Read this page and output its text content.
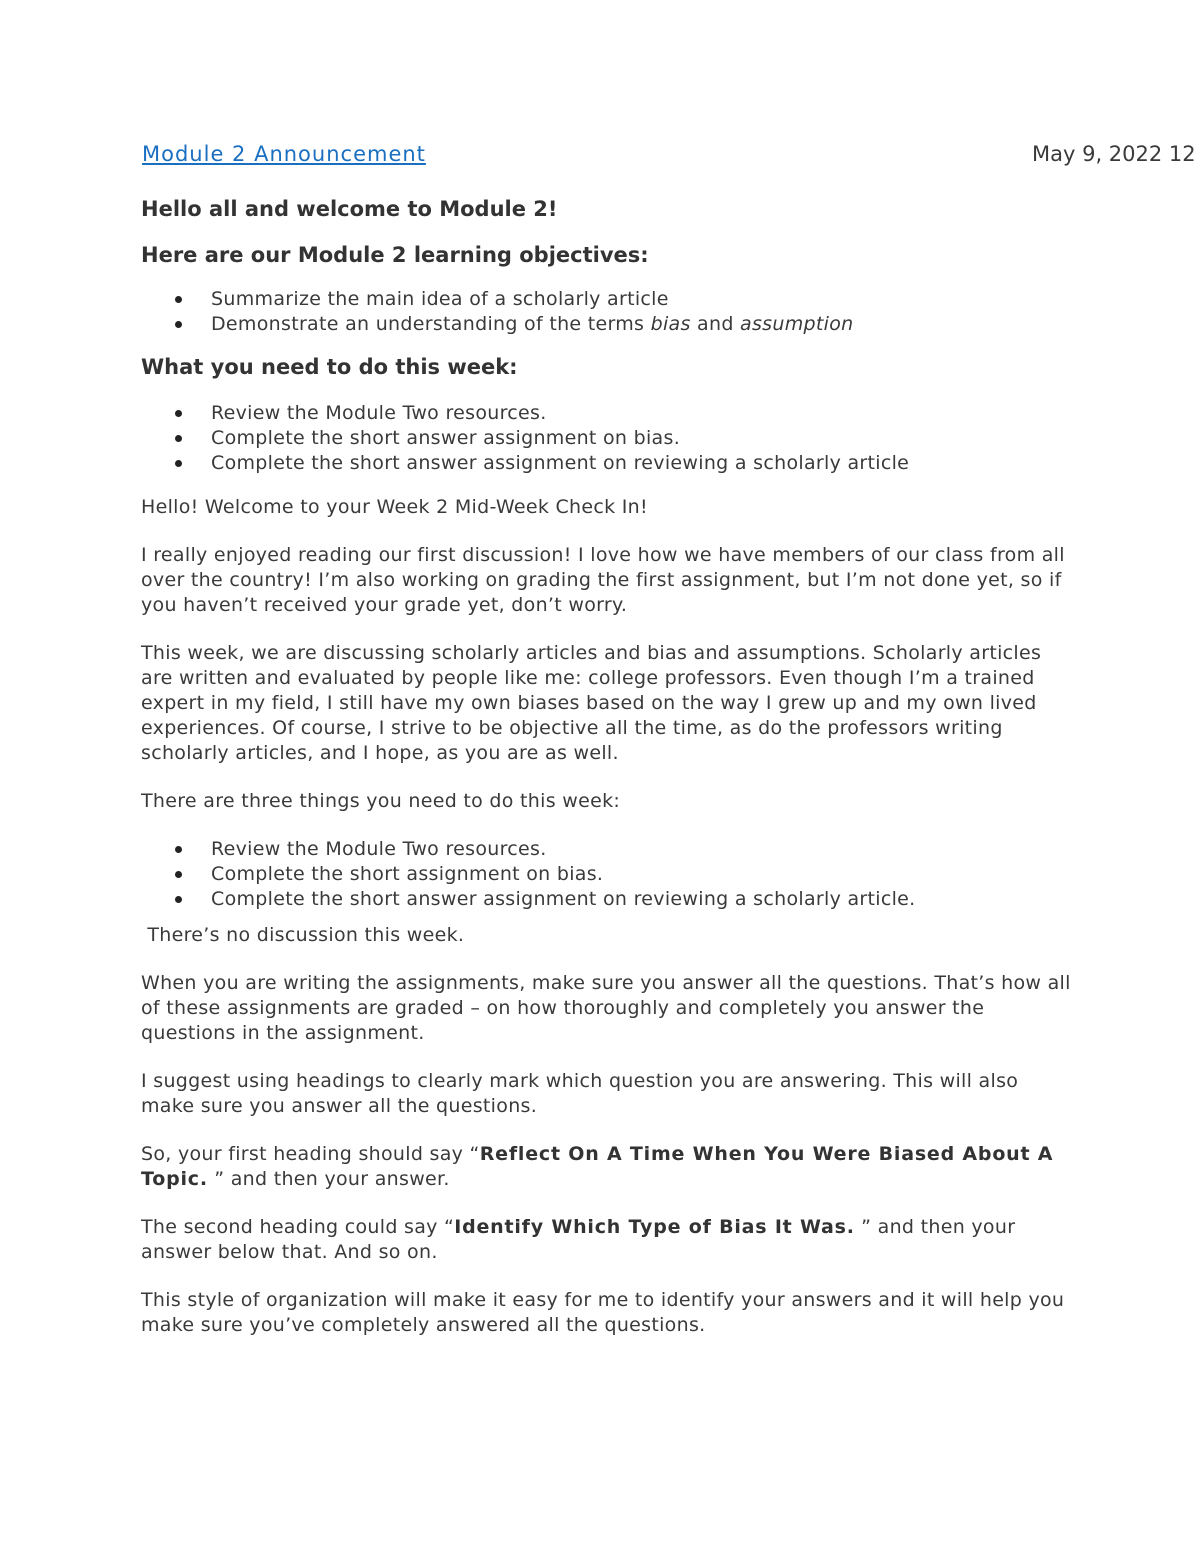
Module 2 Announcement	May 9, 2022 12
Hello all and welcome to Module 2!
Here are our Module 2 learning objectives:
Summarize the main idea of a scholarly article
Demonstrate an understanding of the terms bias and assumption
What you need to do this week:
Review the Module Two resources.
Complete the short answer assignment on bias.
Complete the short answer assignment on reviewing a scholarly article

Hello! Welcome to your Week 2 Mid-Week Check In!

I really enjoyed reading our first discussion! I love how we have members of our class from all over the country! I’m also working on grading the first assignment, but I’m not done yet, so if you haven’t received your grade yet, don’t worry.

This week, we are discussing scholarly articles and bias and assumptions. Scholarly articles are written and evaluated by people like me: college professors. Even though I’m a trained expert in my field, I still have my own biases based on the way I grew up and my own lived experiences. Of course, I strive to be objective all the time, as do the professors writing scholarly articles, and I hope, as you are as well.

There are three things you need to do this week:

Review the Module Two resources.
Complete the short assignment on bias.
Complete the short answer assignment on reviewing a scholarly article.

There’s no discussion this week.

When you are writing the assignments, make sure you answer all the questions. That’s how all of these assignments are graded – on how thoroughly and completely you answer the questions in the assignment.

I suggest using headings to clearly mark which question you are answering. This will also make sure you answer all the questions.

So, your first heading should say “Reflect On A Time When You Were Biased About A Topic. ” and then your answer.

The second heading could say “Identify Which Type of Bias It Was. ” and then your answer below that. And so on.

This style of organization will make it easy for me to identify your answers and it will help you make sure you’ve completely answered all the questions.
